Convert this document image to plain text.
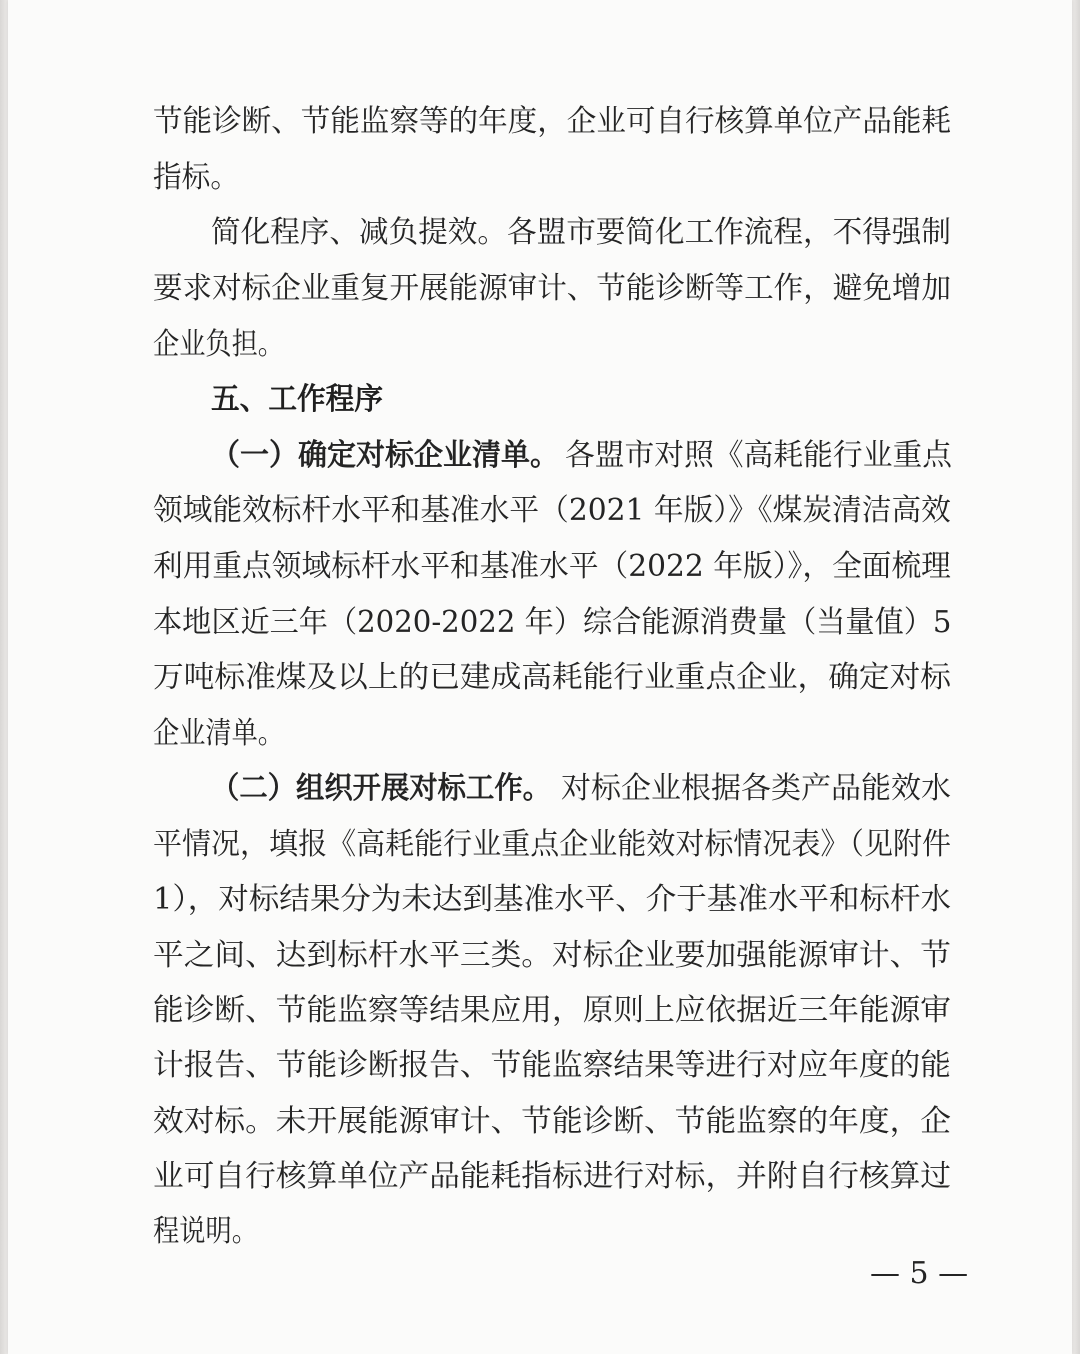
节能诊断、节能监察等的年度，企业可自行核算单位产品能耗
指标。
简化程序、减负提效。各盟市要简化工作流程，不得强制
要求对标企业重复开展能源审计、节能诊断等工作，避免增加
企业负担。
五、工作程序
（一）确定对标企业清单。 各盟市对照《高耗能行业重点
领域能效标杆水平和基准水平（2021 年版）》《煤炭清洁高效
利用重点领域标杆水平和基准水平（2022 年版）》，全面梳理
本地区近三年（2020-2022 年）综合能源消费量（当量值）5
万吨标准煤及以上的已建成高耗能行业重点企业，确定对标
企业清单。
（二）组织开展对标工作。 对标企业根据各类产品能效水
平情况，填报《高耗能行业重点企业能效对标情况表》（见附件
1），对标结果分为未达到基准水平、介于基准水平和标杆水
平之间、达到标杆水平三类。对标企业要加强能源审计、节
能诊断、节能监察等结果应用，原则上应依据近三年能源审
计报告、节能诊断报告、节能监察结果等进行对应年度的能
效对标。未开展能源审计、节能诊断、节能监察的年度，企
业可自行核算单位产品能耗指标进行对标，并附自行核算过
程说明。
— 5 —
